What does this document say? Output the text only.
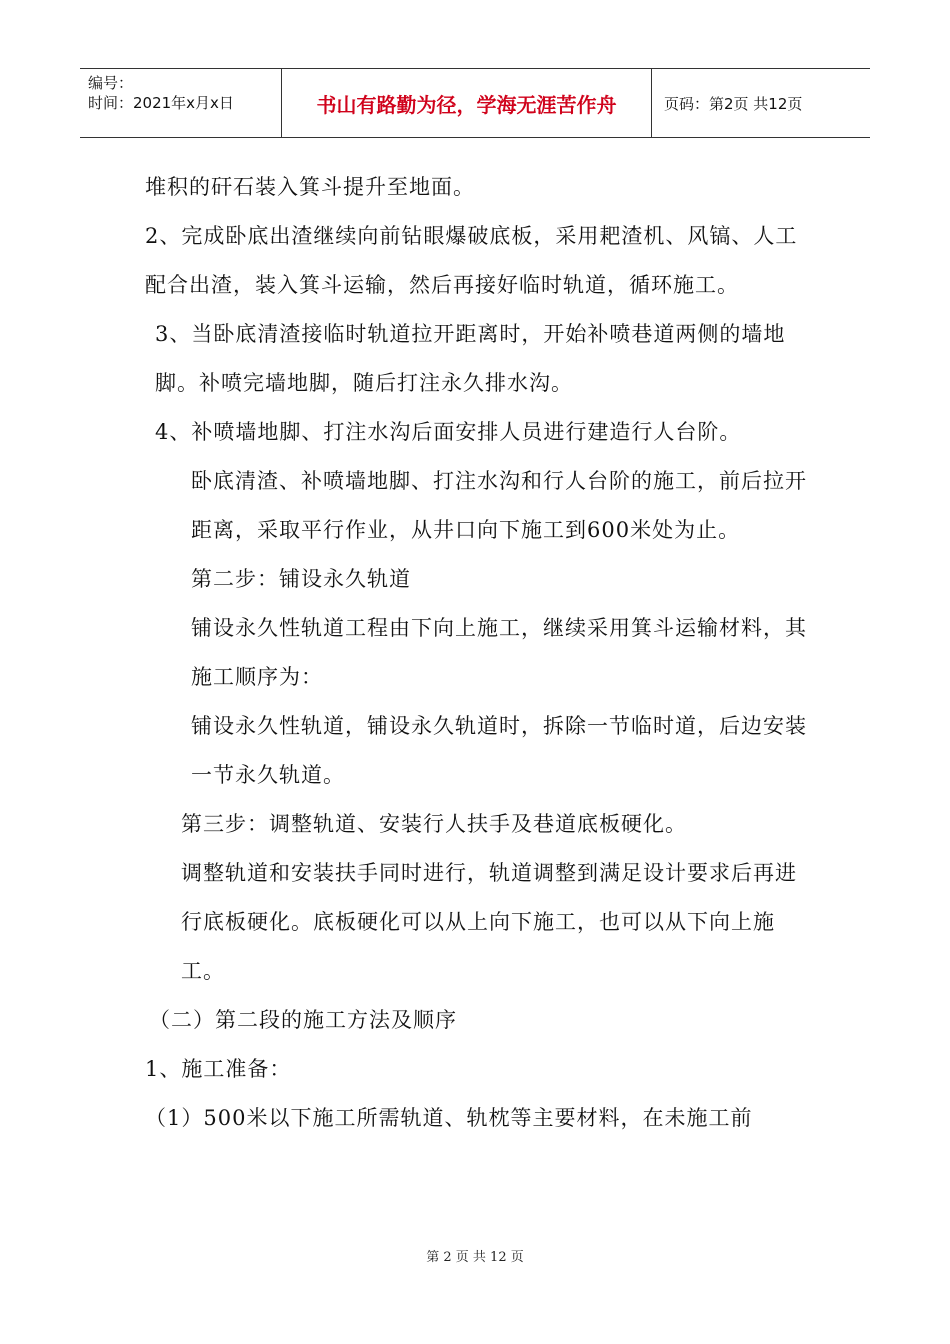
编号：
时间：2021年x月x日	书山有路勤为径，学海无涯苦作舟	页码：第2页 共12页

堆积的矸石装入箕斗提升至地面。

2、完成卧底出渣继续向前钻眼爆破底板，采用耙渣机、风镐、人工配合出渣，装入箕斗运输，然后再接好临时轨道，循环施工。

3、当卧底清渣接临时轨道拉开距离时，开始补喷巷道两侧的墙地脚。补喷完墙地脚，随后打注永久排水沟。

4、补喷墙地脚、打注水沟后面安排人员进行建造行人台阶。

卧底清渣、补喷墙地脚、打注水沟和行人台阶的施工，前后拉开距离，采取平行作业，从井口向下施工到600米处为止。

第二步：铺设永久轨道

铺设永久性轨道工程由下向上施工，继续采用箕斗运输材料，其施工顺序为：

铺设永久性轨道，铺设永久轨道时，拆除一节临时道，后边安装一节永久轨道。

第三步：调整轨道、安装行人扶手及巷道底板硬化。

调整轨道和安装扶手同时进行，轨道调整到满足设计要求后再进行底板硬化。底板硬化可以从上向下施工，也可以从下向上施工。

（二）第二段的施工方法及顺序

1、施工准备：

（1）500米以下施工所需轨道、轨枕等主要材料，在未施工前

第 2 页 共 12 页
